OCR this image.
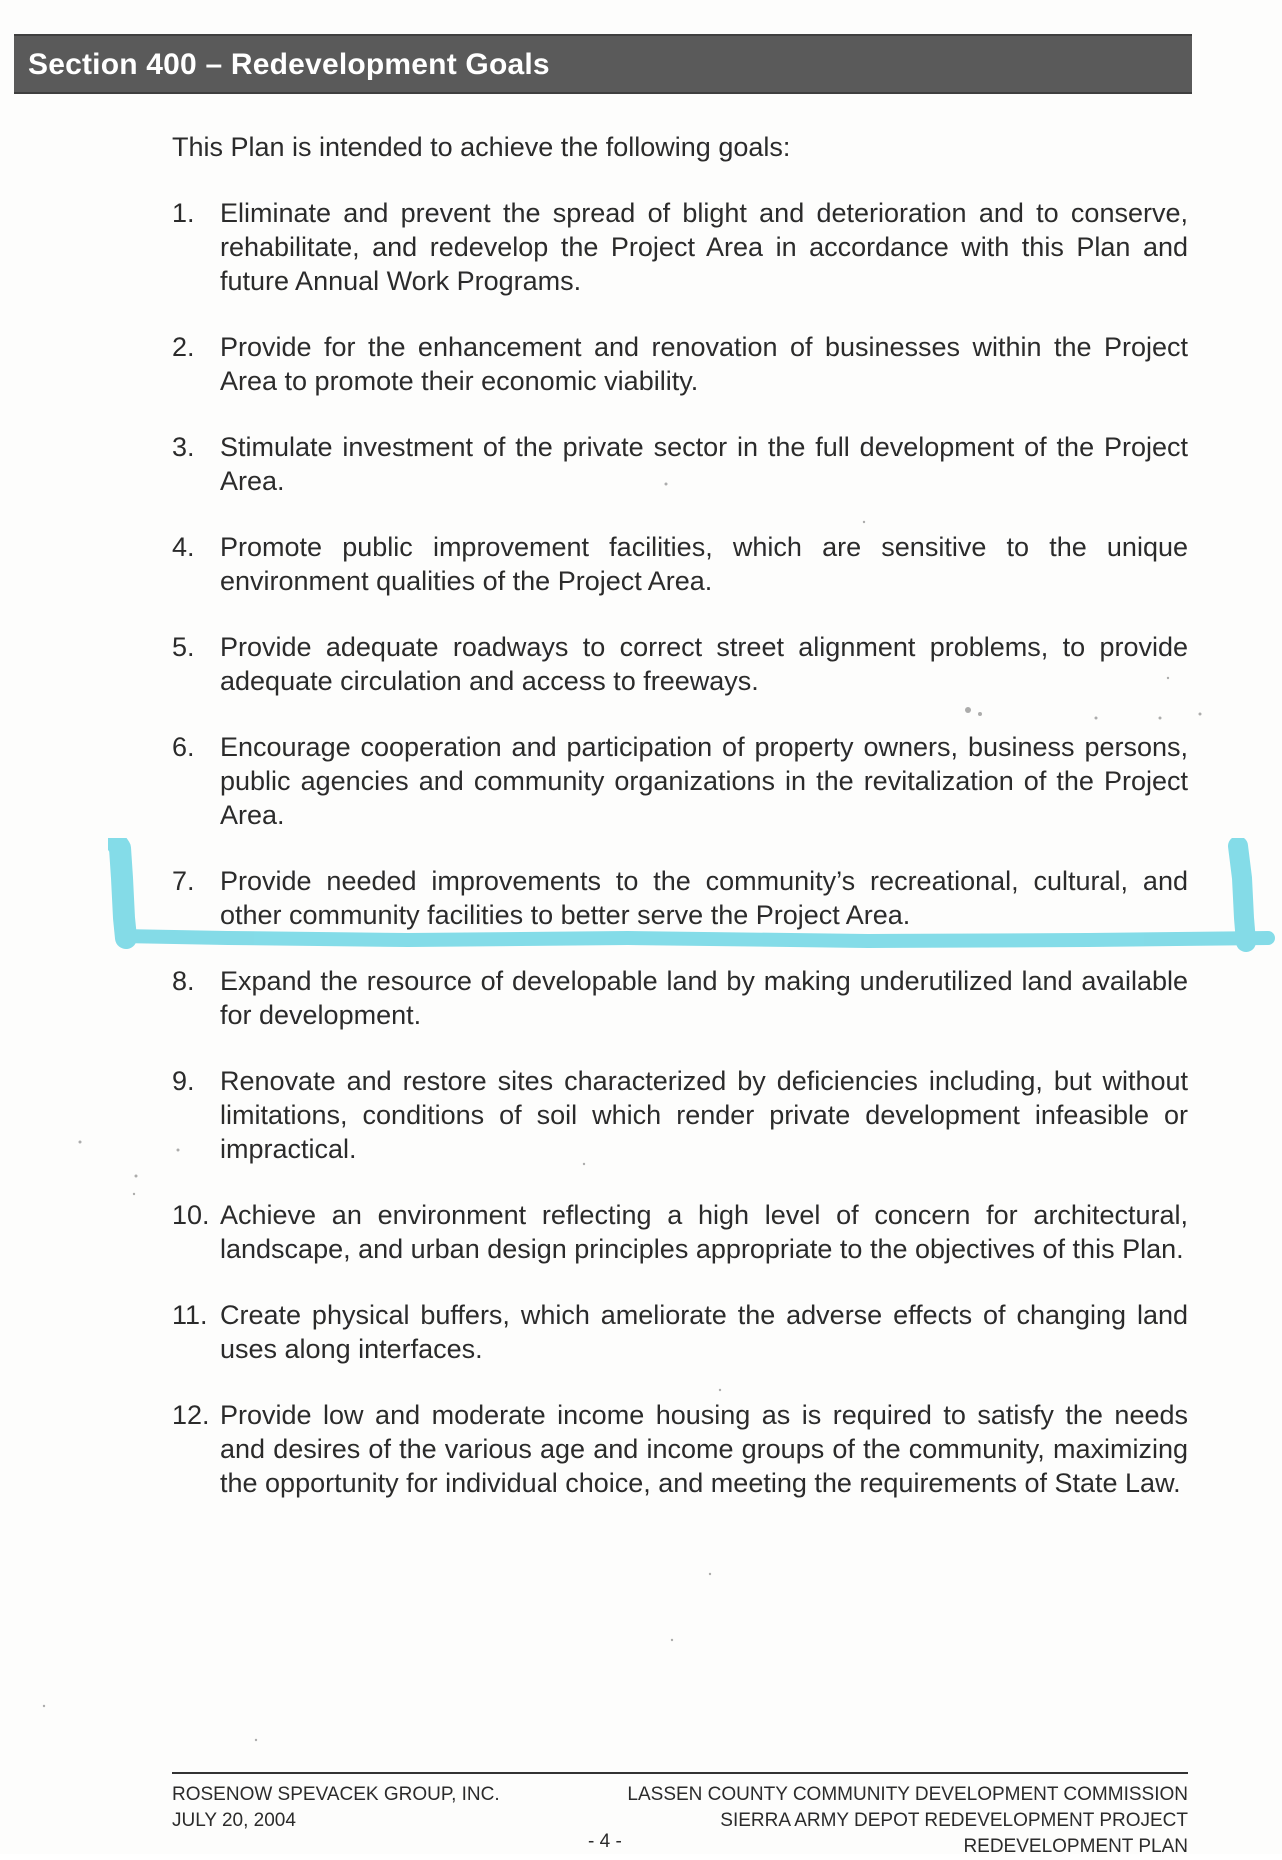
Section 400 – Redevelopment Goals
This Plan is intended to achieve the following goals:
1. Eliminate and prevent the spread of blight and deterioration and to conserve, rehabilitate, and redevelop the Project Area in accordance with this Plan and future Annual Work Programs.
2. Provide for the enhancement and renovation of businesses within the Project Area to promote their economic viability.
3. Stimulate investment of the private sector in the full development of the Project Area.
4. Promote public improvement facilities, which are sensitive to the unique environment qualities of the Project Area.
5. Provide adequate roadways to correct street alignment problems, to provide adequate circulation and access to freeways.
6. Encourage cooperation and participation of property owners, business persons, public agencies and community organizations in the revitalization of the Project Area.
7. Provide needed improvements to the community’s recreational, cultural, and other community facilities to better serve the Project Area.
8. Expand the resource of developable land by making underutilized land available for development.
9. Renovate and restore sites characterized by deficiencies including, but without limitations, conditions of soil which render private development infeasible or impractical.
10. Achieve an environment reflecting a high level of concern for architectural, landscape, and urban design principles appropriate to the objectives of this Plan.
11. Create physical buffers, which ameliorate the adverse effects of changing land uses along interfaces.
12. Provide low and moderate income housing as is required to satisfy the needs and desires of the various age and income groups of the community, maximizing the opportunity for individual choice, and meeting the requirements of State Law.
ROSENOW SPEVACEK GROUP, INC.
JULY 20, 2004
LASSEN COUNTY COMMUNITY DEVELOPMENT COMMISSION
SIERRA ARMY DEPOT REDEVELOPMENT PROJECT
REDEVELOPMENT PLAN
- 4 -
